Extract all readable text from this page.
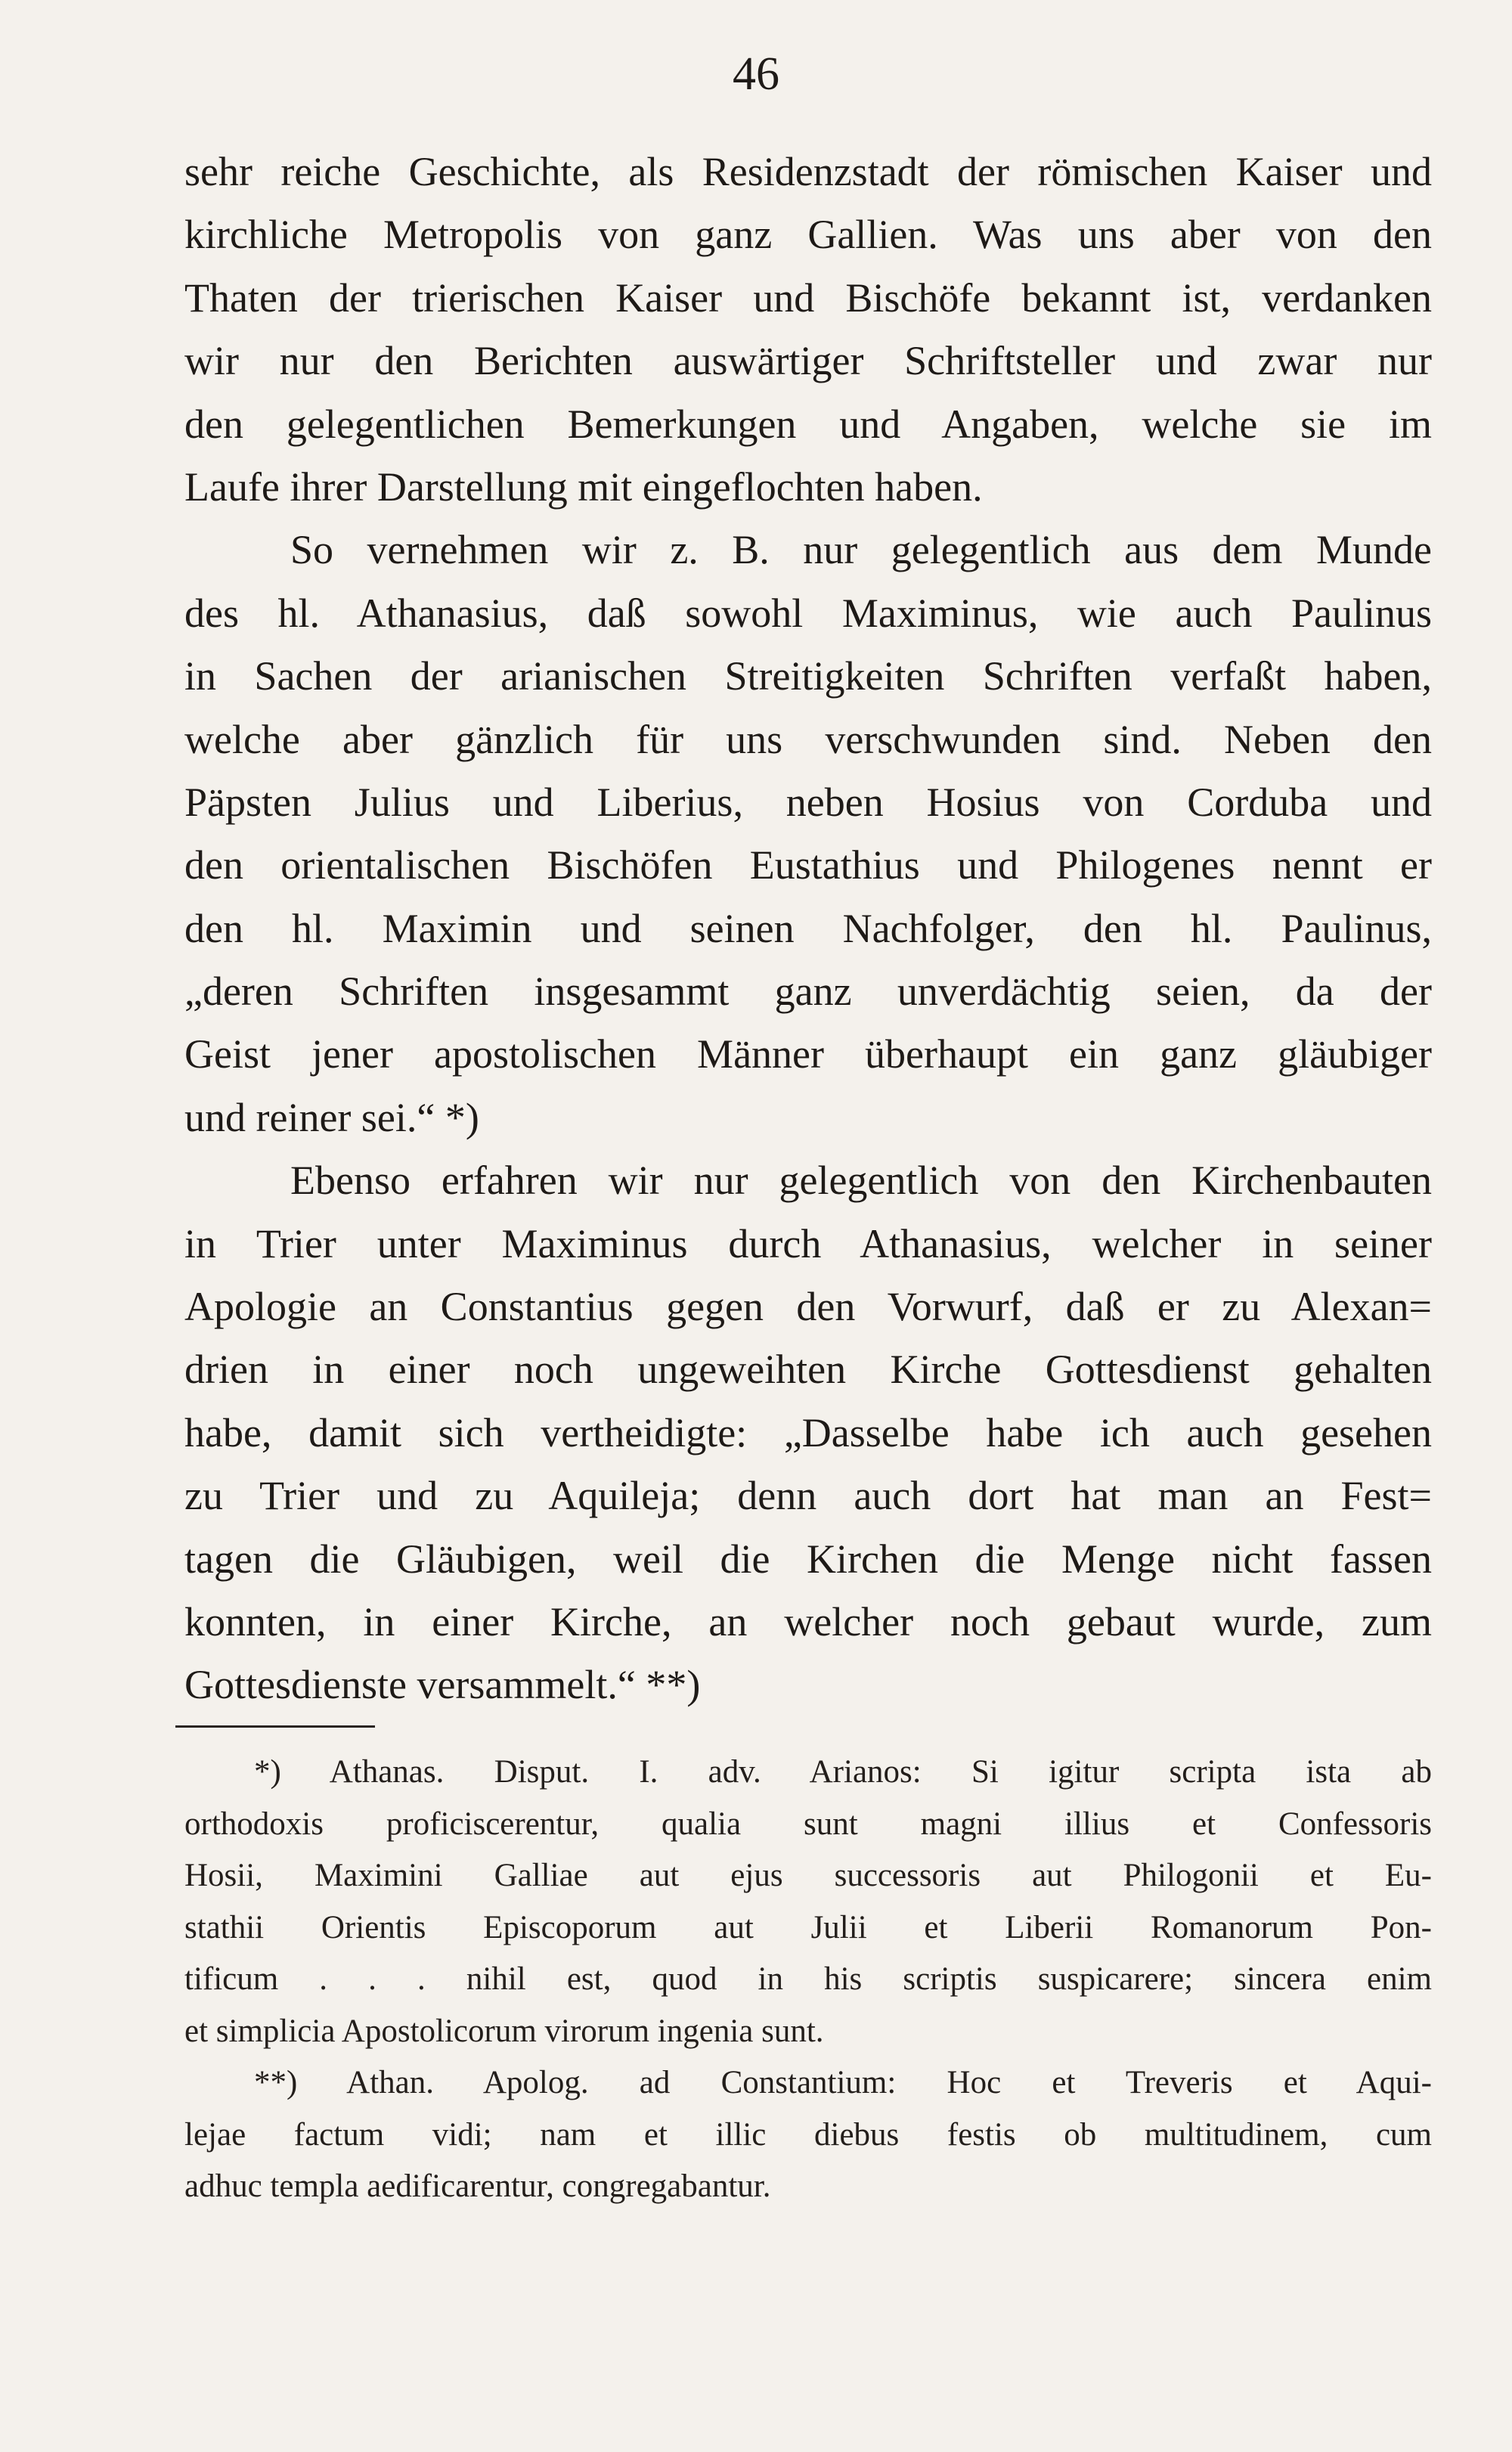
46
sehr reiche Geschichte, als Residenzstadt der römischen Kaiser und
kirchliche Metropolis von ganz Gallien. Was uns aber von den
Thaten der trierischen Kaiser und Bischöfe bekannt ist, verdanken
wir nur den Berichten auswärtiger Schriftsteller und zwar nur
den gelegentlichen Bemerkungen und Angaben, welche sie im
Laufe ihrer Darstellung mit eingeflochten haben.
So vernehmen wir z. B. nur gelegentlich aus dem Munde
des hl. Athanasius, daß sowohl Maximinus, wie auch Paulinus
in Sachen der arianischen Streitigkeiten Schriften verfaßt haben,
welche aber gänzlich für uns verschwunden sind. Neben den
Päpsten Julius und Liberius, neben Hosius von Corduba und
den orientalischen Bischöfen Eustathius und Philogenes nennt er
den hl. Maximin und seinen Nachfolger, den hl. Paulinus,
„deren Schriften insgesammt ganz unverdächtig seien, da der
Geist jener apostolischen Männer überhaupt ein ganz gläubiger
und reiner sei.“ *)
Ebenso erfahren wir nur gelegentlich von den Kirchenbauten
in Trier unter Maximinus durch Athanasius, welcher in seiner
Apologie an Constantius gegen den Vorwurf, daß er zu Alexan=
drien in einer noch ungeweihten Kirche Gottesdienst gehalten
habe, damit sich vertheidigte: „Dasselbe habe ich auch gesehen
zu Trier und zu Aquileja; denn auch dort hat man an Fest=
tagen die Gläubigen, weil die Kirchen die Menge nicht fassen
konnten, in einer Kirche, an welcher noch gebaut wurde, zum
Gottesdienste versammelt.“ **)
*) Athanas. Disput. I. adv. Arianos: Si igitur scripta ista ab
orthodoxis proficiscerentur, qualia sunt magni illius et Confessoris
Hosii, Maximini Galliae aut ejus successoris aut Philogonii et Eu-
stathii Orientis Episcoporum aut Julii et Liberii Romanorum Pon-
tificum . . . nihil est, quod in his scriptis suspicarere; sincera enim
et simplicia Apostolicorum virorum ingenia sunt.
**) Athan. Apolog. ad Constantium: Hoc et Treveris et Aqui-
lejae factum vidi; nam et illic diebus festis ob multitudinem, cum
adhuc templa aedificarentur, congregabantur.
